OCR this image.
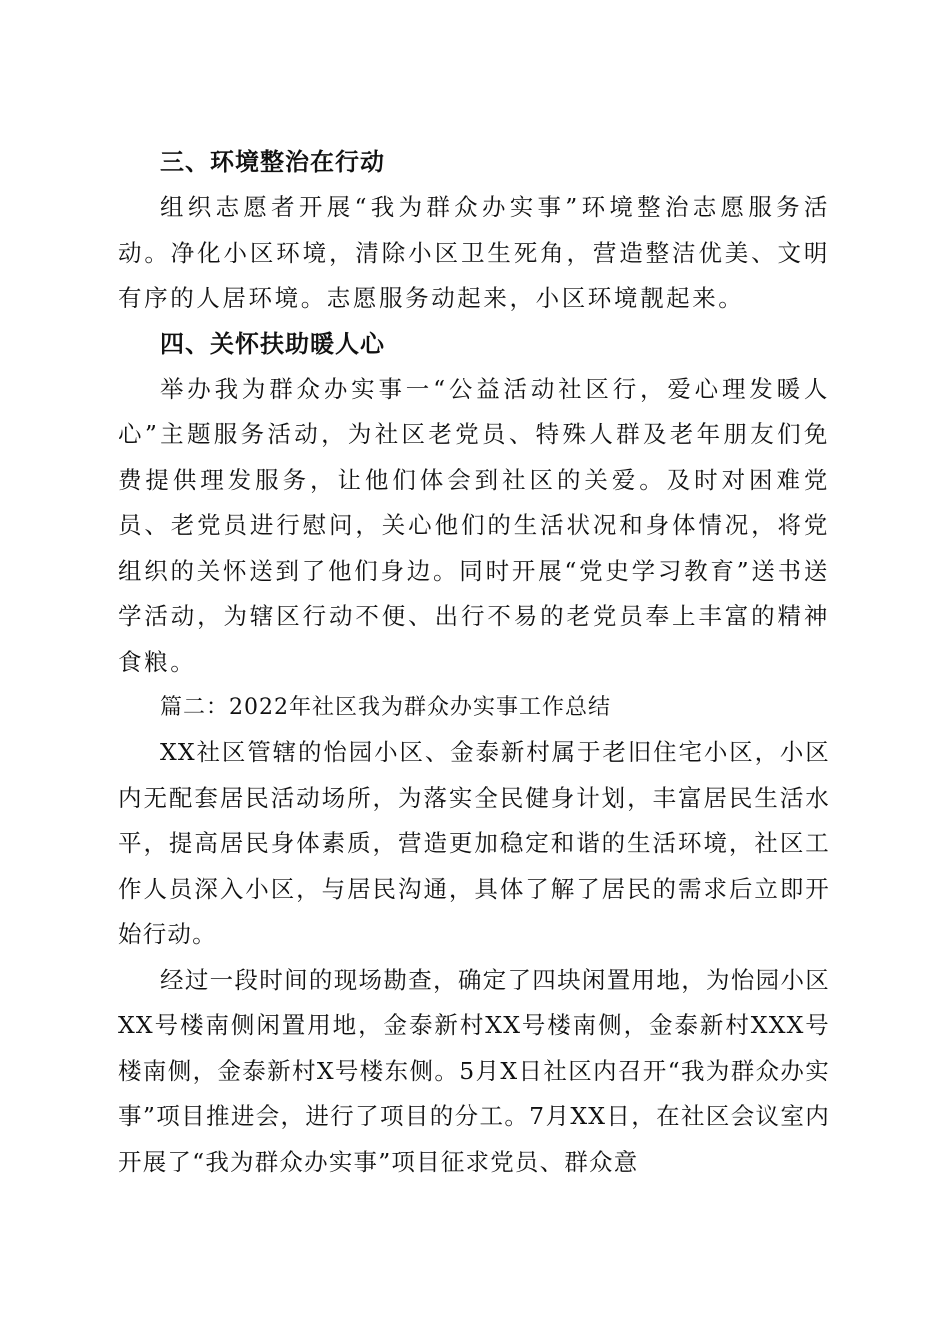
三、环境整治在行动

组织志愿者开展“我为群众办实事”环境整治志愿服务活动。净化小区环境，清除小区卫生死角，营造整洁优美、文明有序的人居环境。志愿服务动起来，小区环境靓起来。

四、关怀扶助暖人心

举办我为群众办实事一“公益活动社区行，爱心理发暖人心”主题服务活动，为社区老党员、特殊人群及老年朋友们免费提供理发服务，让他们体会到社区的关爱。及时对困难党员、老党员进行慰问，关心他们的生活状况和身体情况，将党组织的关怀送到了他们身边。同时开展“党史学习教育”送书送学活动，为辖区行动不便、出行不易的老党员奉上丰富的精神食粮。

篇二：2022年社区我为群众办实事工作总结

XX社区管辖的怡园小区、金泰新村属于老旧住宅小区，小区内无配套居民活动场所，为落实全民健身计划，丰富居民生活水平，提高居民身体素质，营造更加稳定和谐的生活环境，社区工作人员深入小区，与居民沟通，具体了解了居民的需求后立即开始行动。

经过一段时间的现场勘查，确定了四块闲置用地，为怡园小区XX号楼南侧闲置用地，金泰新村XX号楼南侧，金泰新村XXX号楼南侧，金泰新村X号楼东侧。5月X日社区内召开“我为群众办实事”项目推进会，进行了项目的分工。7月XX日，在社区会议室内开展了“我为群众办实事”项目征求党员、群众意
